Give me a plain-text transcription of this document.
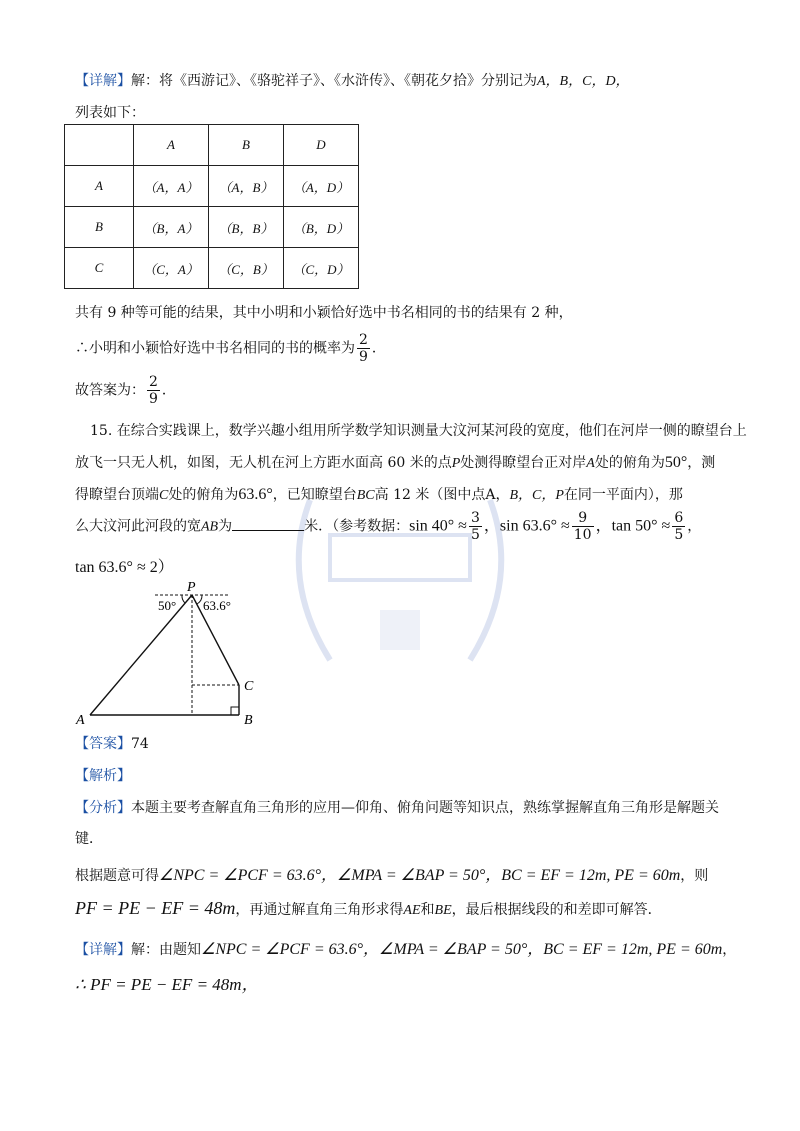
【详解】解：将《西游记》、《骆驼祥子》、《水浒传》、《朝花夕拾》分别记为A，B，C，D，
列表如下：
	A	B	D
A	（A，A）	（A，B）	（A，D）
B	（B，A）	（B，B）	（B，D）
C	（C，A）	（C，B）	（C，D）
共有 9 种等可能的结果，其中小明和小颖恰好选中书名相同的书的结果有 2 种，
∴小明和小颖恰好选中书名相同的书的概率为 $\frac{2}{9}$ ．
故答案为： $\frac{2}{9}$ ．
15. 在综合实践课上，数学兴趣小组用所学数学知识测量大汶河某河段的宽度，他们在河岸一侧的瞭望台上
放飞一只无人机，如图，无人机在河上方距水面高 60 米的点P处测得瞭望台正对岸A处的俯角为50°，测
得瞭望台顶端C处的俯角为63.6°，已知瞭望台BC高 12 米（图中点A，B，C，P在同一平面内），那
么大汶河此河段的宽AB为	米．（参考数据：$\sin 40^\circ \approx \frac{3}{5}$ ，$\sin 63.6^\circ \approx \frac{9}{10}$ ，$\tan 50^\circ \approx \frac{6}{5}$ ，
tan 63.6° ≈ 2）
P
A	B
C
50° 63.6°
【答案】74
【解析】
【分析】本题主要考查解直角三角形的应用—仰角、俯角问题等知识点，熟练掌握解直角三角形是解题关
键．
根据题意可得∠NPC = ∠PCF = 63.6°，∠MPA = ∠BAP = 50°，BC = EF = 12m, PE = 60m，则
PF = PE − EF = 48m，再通过解直角三角形求得AE和BE，最后根据线段的和差即可解答．
【详解】解：由题知∠NPC = ∠PCF = 63.6°，∠MPA = ∠BAP = 50°，BC = EF = 12m, PE = 60m，
∴ PF = PE − EF = 48m，
